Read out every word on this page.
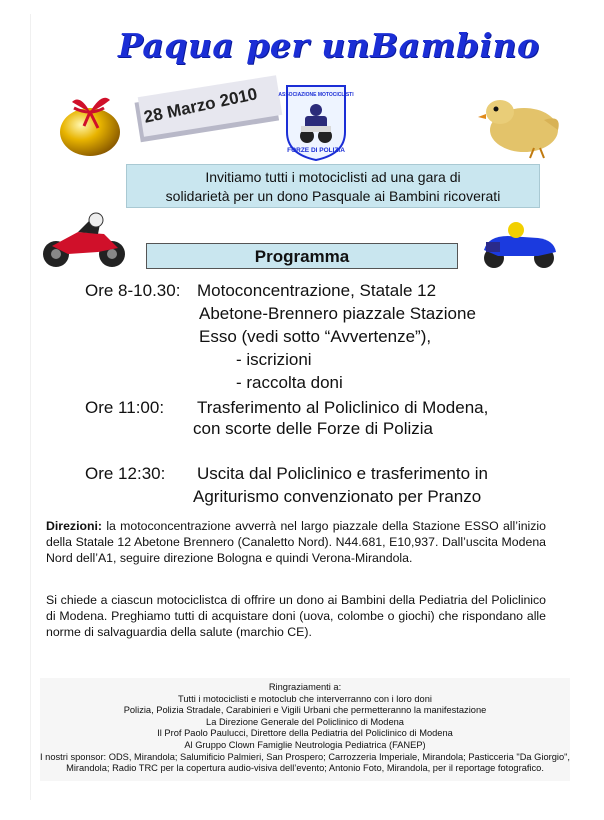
Paqua per unBambino
28 Marzo 2010	ASSOCIAZIONE MOTOCICLISTI
FORZE DI POLIZIA
Invitiamo tutti i motociclisti ad una gara di
solidarietà per un dono Pasquale ai Bambini ricoverati
Programma
Ore 8-10.30: Motoconcentrazione, Statale 12
Abetone-Brennero piazzale Stazione
Esso (vedi sotto “Avvertenze”),
- iscrizioni
- raccolta doni
Ore 11:00: Trasferimento al Policlinico di Modena,
con scorte delle Forze di Polizia
Ore 12:30: Uscita dal Policlinico e trasferimento in
Agriturismo convenzionato per Pranzo
Direzioni: la motoconcentrazione avverrà nel largo piazzale della Stazione ESSO all’inizio della Statale 12 Abetone Brennero (Canaletto Nord). N44.681, E10,937. Dall’uscita Modena Nord dell’A1, seguire direzione Bologna e quindi Verona-Mirandola.
Si chiede a ciascun motociclistca di offrire un dono ai Bambini della Pediatria del Policlinico di Modena. Preghiamo tutti di acquistare doni (uova, colombe o giochi) che rispondano alle norme di salvaguardia della salute (marchio CE).
Ringraziamenti a:
Tutti i motociclisti e motoclub che interverranno con i loro doni
Polizia, Polizia Stradale, Carabinieri e Vigili Urbani che permetteranno la manifestazione
La Direzione Generale del Policlinico di Modena
Il Prof Paolo Paulucci, Direttore della Pediatria del Policlinico di Modena
Al Gruppo Clown Famiglie Neutrologia Pediatrica (FANEP)
I nostri sponsor: ODS, Mirandola; Salumificio Palmieri, San Prospero; Carrozzeria Imperiale, Mirandola; Pasticceria "Da Giorgio", Mirandola; Radio TRC per la copertura audio-visiva dell’evento; Antonio Foto, Mirandola, per il reportage fotografico.
